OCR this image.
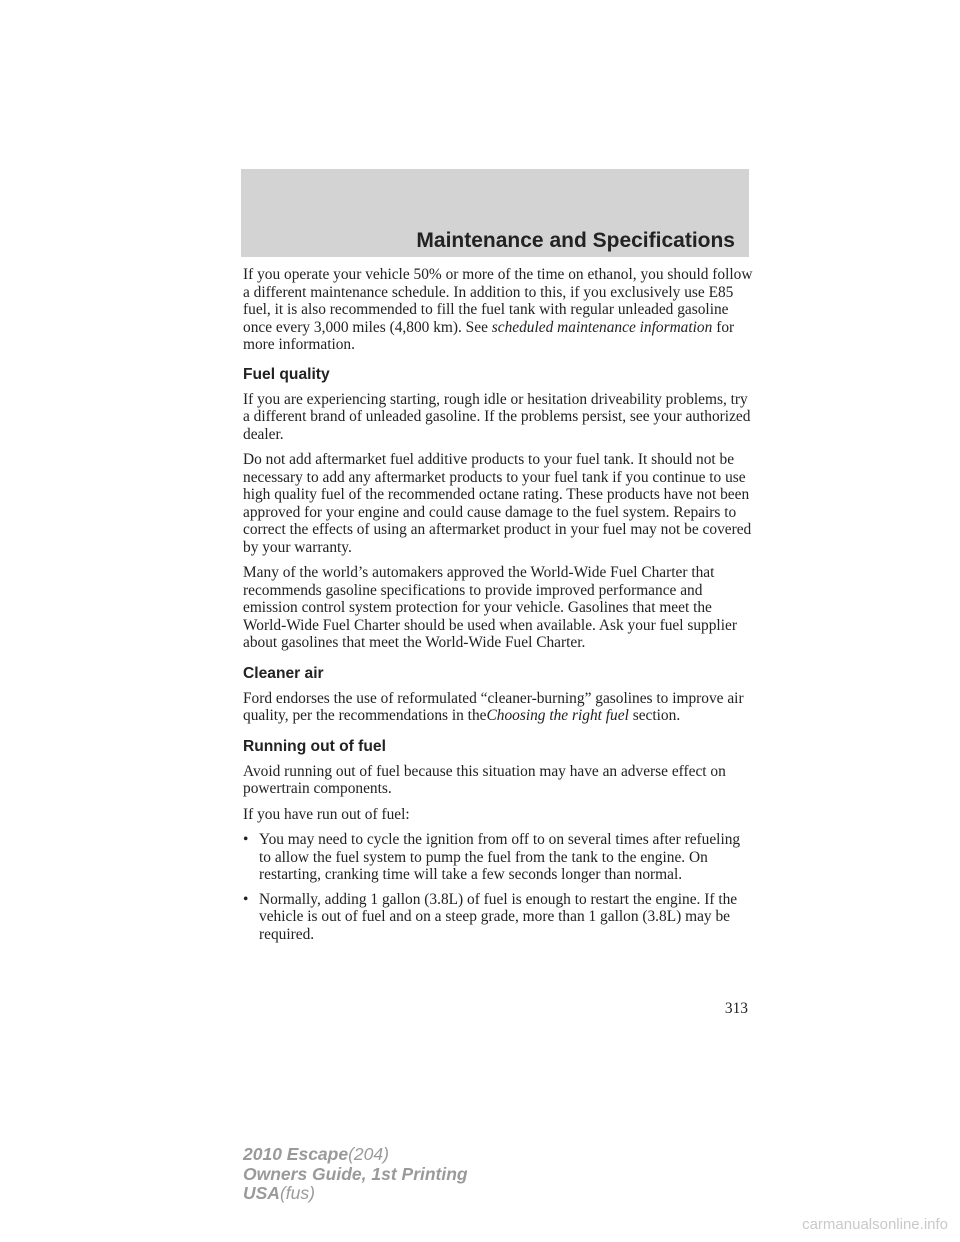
Maintenance and Specifications

If you operate your vehicle 50% or more of the time on ethanol, you should follow a different maintenance schedule. In addition to this, if you exclusively use E85 fuel, it is also recommended to fill the fuel tank with regular unleaded gasoline once every 3,000 miles (4,800 km). See scheduled maintenance information for more information.

Fuel quality

If you are experiencing starting, rough idle or hesitation driveability problems, try a different brand of unleaded gasoline. If the problems persist, see your authorized dealer.

Do not add aftermarket fuel additive products to your fuel tank. It should not be necessary to add any aftermarket products to your fuel tank if you continue to use high quality fuel of the recommended octane rating. These products have not been approved for your engine and could cause damage to the fuel system. Repairs to correct the effects of using an aftermarket product in your fuel may not be covered by your warranty.

Many of the world’s automakers approved the World-Wide Fuel Charter that recommends gasoline specifications to provide improved performance and emission control system protection for your vehicle. Gasolines that meet the World-Wide Fuel Charter should be used when available. Ask your fuel supplier about gasolines that meet the World-Wide Fuel Charter.

Cleaner air

Ford endorses the use of reformulated “cleaner-burning” gasolines to improve air quality, per the recommendations in theChoosing the right fuel section.

Running out of fuel

Avoid running out of fuel because this situation may have an adverse effect on powertrain components.

If you have run out of fuel:

• You may need to cycle the ignition from off to on several times after refueling to allow the fuel system to pump the fuel from the tank to the engine. On restarting, cranking time will take a few seconds longer than normal.
• Normally, adding 1 gallon (3.8L) of fuel is enough to restart the engine. If the vehicle is out of fuel and on a steep grade, more than 1 gallon (3.8L) may be required.
313
2010 Escape(204)
Owners Guide, 1st Printing
USA(fus)
carmanualsonline.info
